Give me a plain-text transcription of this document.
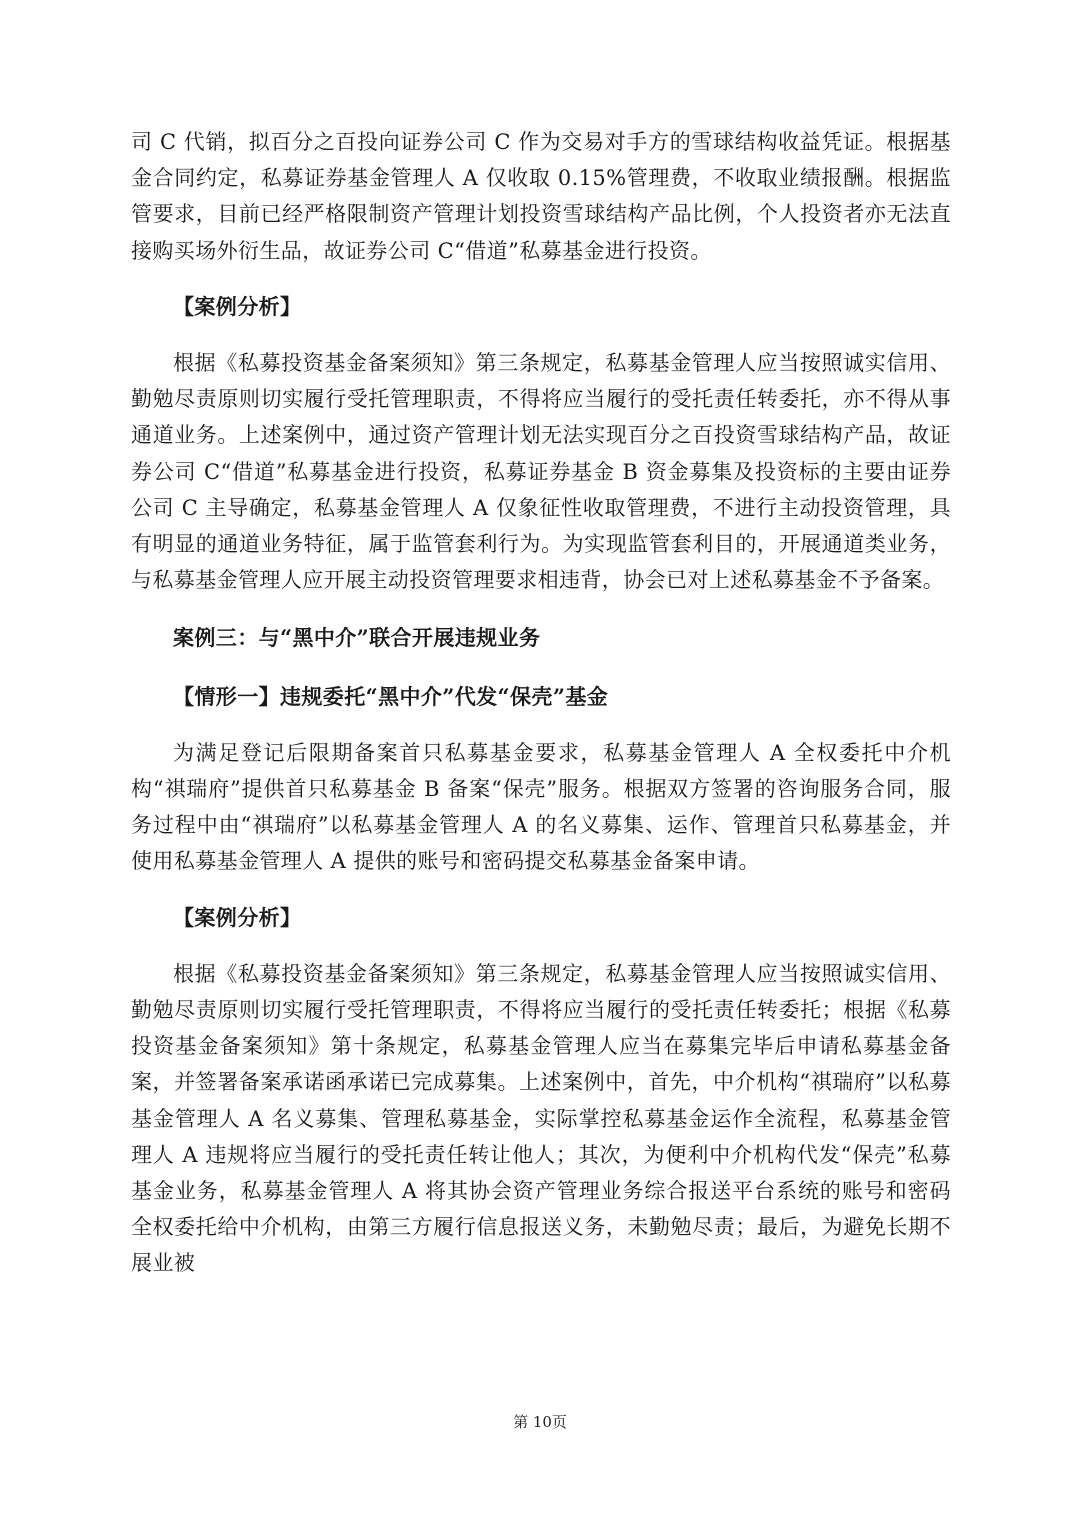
司 C 代销，拟百分之百投向证券公司 C 作为交易对手方的雪球结构收益凭证。根据基金合同约定，私募证券基金管理人 A 仅收取 0.15%管理费，不收取业绩报酬。根据监管要求，目前已经严格限制资产管理计划投资雪球结构产品比例，个人投资者亦无法直接购买场外衍生品，故证券公司 C“借道”私募基金进行投资。

【案例分析】

根据《私募投资基金备案须知》第三条规定，私募基金管理人应当按照诚实信用、勤勉尽责原则切实履行受托管理职责，不得将应当履行的受托责任转委托，亦不得从事通道业务。上述案例中，通过资产管理计划无法实现百分之百投资雪球结构产品，故证券公司 C“借道”私募基金进行投资，私募证券基金 B 资金募集及投资标的主要由证券公司 C 主导确定，私募基金管理人 A 仅象征性收取管理费，不进行主动投资管理，具有明显的通道业务特征，属于监管套利行为。为实现监管套利目的，开展通道类业务，与私募基金管理人应开展主动投资管理要求相违背，协会已对上述私募基金不予备案。

案例三：与“黑中介”联合开展违规业务

【情形一】违规委托“黑中介”代发“保壳”基金

为满足登记后限期备案首只私募基金要求，私募基金管理人 A 全权委托中介机构“祺瑞府”提供首只私募基金 B 备案“保壳”服务。根据双方签署的咨询服务合同，服务过程中由“祺瑞府”以私募基金管理人 A 的名义募集、运作、管理首只私募基金，并使用私募基金管理人 A 提供的账号和密码提交私募基金备案申请。

【案例分析】

根据《私募投资基金备案须知》第三条规定，私募基金管理人应当按照诚实信用、勤勉尽责原则切实履行受托管理职责，不得将应当履行的受托责任转委托；根据《私募投资基金备案须知》第十条规定，私募基金管理人应当在募集完毕后申请私募基金备案，并签署备案承诺函承诺已完成募集。上述案例中，首先，中介机构“祺瑞府”以私募基金管理人 A 名义募集、管理私募基金，实际掌控私募基金运作全流程，私募基金管理人 A 违规将应当履行的受托责任转让他人；其次，为便利中介机构代发“保壳”私募基金业务，私募基金管理人 A 将其协会资产管理业务综合报送平台系统的账号和密码全权委托给中介机构，由第三方履行信息报送义务，未勤勉尽责；最后，为避免长期不展业被

第 10页
